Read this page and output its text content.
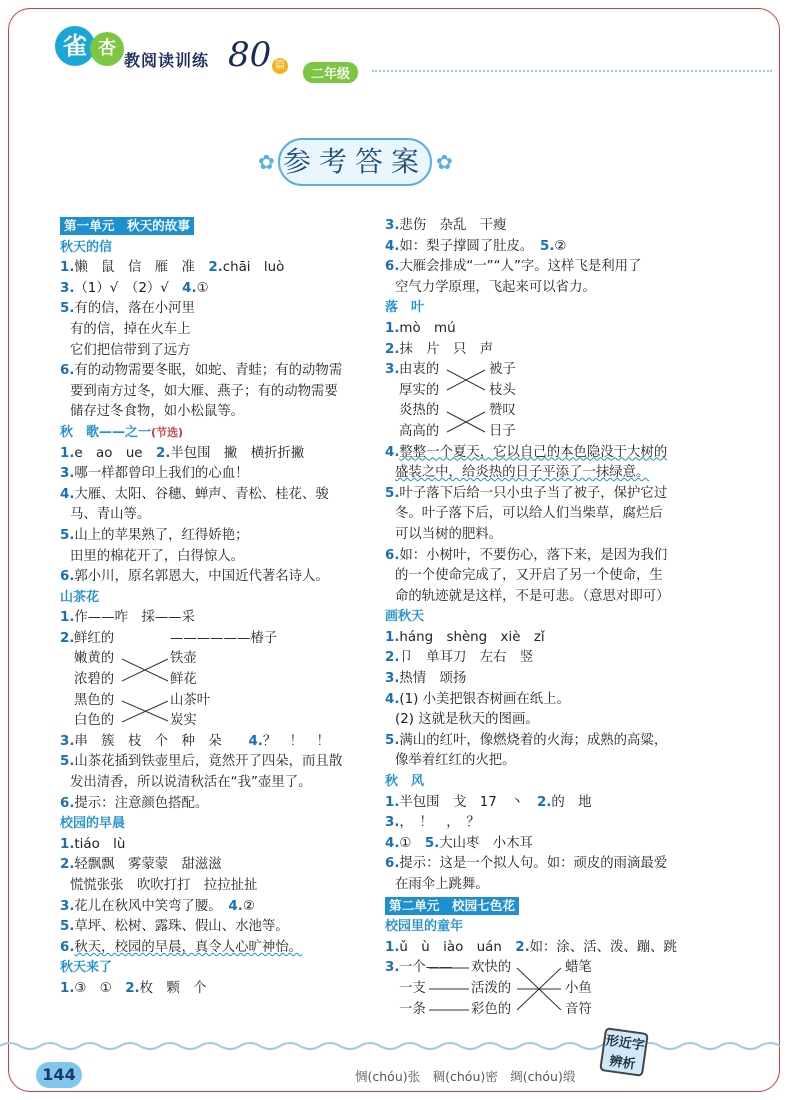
雀 杏
教阅读训练 80 篇
二年级
✿ 参考答案 ✿
第一单元　秋天的故事
秋天的信
1.懒　鼠　信　雁　准　2.chāi　luò
3.（1）√　（2）√　4.①
5.有的信，落在小河里
有的信，掉在火车上
它们把信带到了远方
6.有的动物需要冬眠，如蛇、青蛙；有的动物需
要到南方过冬，如大雁、燕子；有的动物需要
储存过冬食物，如小松鼠等。
秋　歌——之一(节选)
1.e　ao　ue　2.半包围　撇　横折折撇
3.哪一样都曾印上我们的心血！
4.大雁、太阳、谷穗、蝉声、青松、桂花、骏
马、青山等。
5.山上的苹果熟了，红得娇艳；
田里的棉花开了，白得惊人。
6.郭小川，原名郭恩大，中国近代著名诗人。
山茶花
1.作——咋　採——采
2. 鲜红的
嫩黄的
浓碧的
黑色的
白色的
——————椿子
铁壶
鲜花
山茶叶
炭实
3.串　簇　枝　个　种　朵　　4.？　！　！
5.山茶花插到铁壶里后，竟然开了四朵，而且散
发出清香，所以说清秋活在“我”壶里了。
6.提示：注意颜色搭配。
校园的早晨
1.tiáo　lù
2.轻飘飘　雾蒙蒙　甜滋滋
慌慌张张　吹吹打打　拉拉扯扯
3.花儿在秋风中笑弯了腰。　4.②
5.草坪、松树、露珠、假山、水池等。
6.秋天，校园的早晨，真令人心旷神怡。
秋天来了
1.③　①　2.枚　颗　个
3.悲伤　杂乱　干瘦
4.如：梨子撑圆了肚皮。　5.②
6.大雁会排成“一”“人”字。这样飞是利用了
空气力学原理，飞起来可以省力。
落　叶
1.mò　mú
2.抹　片　只　声
3. 由衷的
厚实的
炎热的
高高的
被子
枝头
赞叹
日子
4.整整一个夏天，它以自己的本色隐没于大树的
盛装之中，给炎热的日子平添了一抹绿意。
5.叶子落下后给一只小虫子当了被子，保护它过
冬。叶子落下后，可以给人们当柴草，腐烂后
可以当树的肥料。
6.如：小树叶，不要伤心，落下来，是因为我们
的一个使命完成了，又开启了另一个使命，生
命的轨迹就是这样，不是可悲。（意思对即可）
画秋天
1.háng　shèng　xiè　zǐ
2.卩　单耳刀　左右　竖
3.热情　颂扬
4.(1) 小美把银杏树画在纸上。
(2) 这就是秋天的图画。
5.满山的红叶，像燃烧着的火海；成熟的高粱，
像举着红红的火把。
秋　风
1.半包围　戈　17　丶　2.的　地
3.，　！　，　？
4.①　5.大山枣　小木耳
6.提示：这是一个拟人句。如：顽皮的雨滴最爱
在雨伞上跳舞。
第二单元　校园七色花
校园里的童年
1.ǔ　ù　iào　uán　2.如：涂、活、泼、蹦、跳
3. 一个——
一支
一条
欢快的
活泼的
彩色的
蜡笔
小鱼
音符
144	惆(chóu)张　稠(chóu)密　绸(chóu)缎
形近字辨析
